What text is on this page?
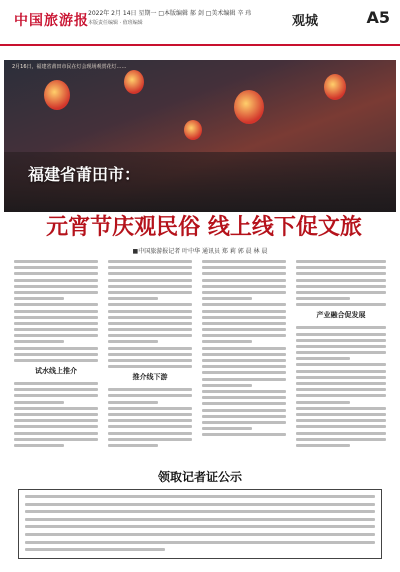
中国旅游报 2022年 2月 14日 星期一 □本版编辑 郝 剑 □美术编辑 辛 玮
本版责任编辑 · 值班编辑	观城	A5
2月16日，福建省莆田市民在灯会现场观赏花灯……
福建省莆田市：
元宵节庆观民俗 线上线下促文旅
■中国旅游报记者 叶中华 通讯员 郑 莉 郭 晨 林 晨
试水线上推介
推介线下游
产业融合促发展
领取记者证公示
